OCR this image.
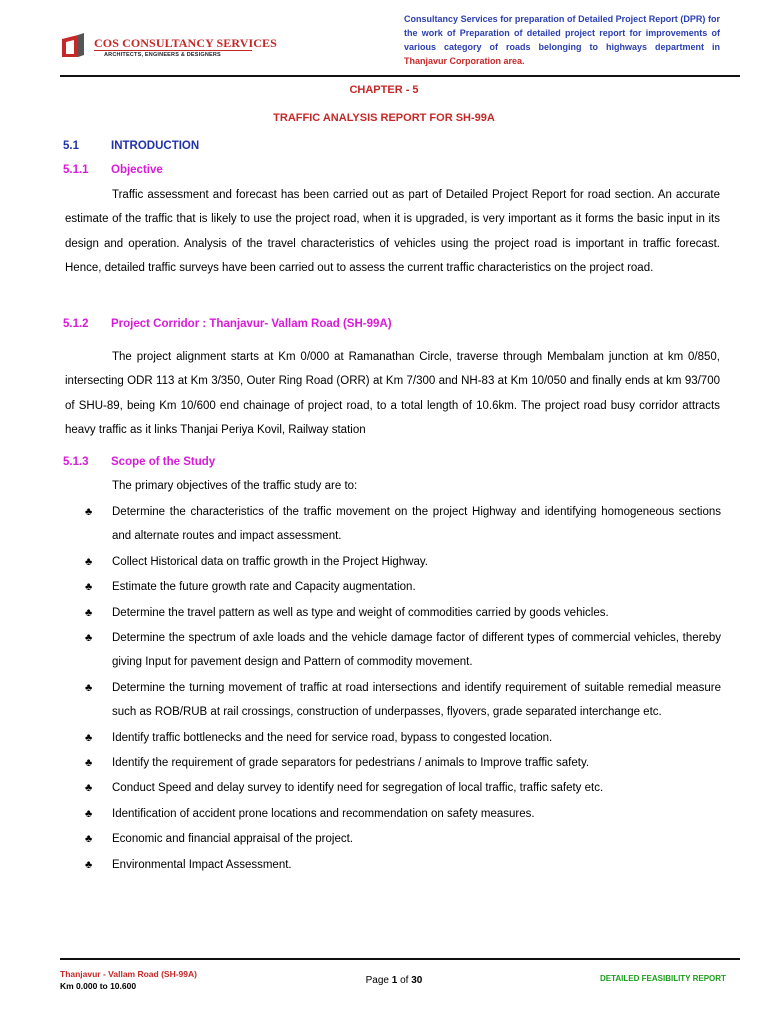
COS CONSULTANCY SERVICES
ARCHITECTS, ENGINEERS & DESIGNERS
Consultancy Services for preparation of Detailed Project Report (DPR) for the work of Preparation of detailed project report for improvements of various category of roads belonging to highways department in Thanjavur Corporation area.
CHAPTER - 5
TRAFFIC ANALYSIS REPORT FOR SH-99A
5.1	INTRODUCTION
5.1.1 Objective

Traffic assessment and forecast has been carried out as part of Detailed Project Report for road section. An accurate estimate of the traffic that is likely to use the project road, when it is upgraded, is very important as it forms the basic input in its design and operation. Analysis of the travel characteristics of vehicles using the project road is important in traffic forecast. Hence, detailed traffic surveys have been carried out to assess the current traffic characteristics on the project road.

5.1.2 Project Corridor : Thanjavur- Vallam Road (SH-99A)

The project alignment starts at Km 0/000 at Ramanathan Circle, traverse through Membalam junction at km 0/850, intersecting ODR 113 at Km 3/350, Outer Ring Road (ORR) at Km 7/300 and NH-83 at Km 10/050 and finally ends at km 93/700 of SHU-89, being Km 10/600 end chainage of project road, to a total length of 10.6km. The project road busy corridor attracts heavy traffic as it links Thanjai Periya Kovil, Railway station

5.1.3 Scope of the Study
The primary objectives of the traffic study are to:
♣ Determine the characteristics of the traffic movement on the project Highway and identifying homogeneous sections and alternate routes and impact assessment.
♣ Collect Historical data on traffic growth in the Project Highway.
♣ Estimate the future growth rate and Capacity augmentation.
♣ Determine the travel pattern as well as type and weight of commodities carried by goods vehicles.
♣ Determine the spectrum of axle loads and the vehicle damage factor of different types of commercial vehicles, thereby giving Input for pavement design and Pattern of commodity movement.
♣ Determine the turning movement of traffic at road intersections and identify requirement of suitable remedial measure such as ROB/RUB at rail crossings, construction of underpasses, flyovers, grade separated interchange etc.
♣ Identify traffic bottlenecks and the need for service road, bypass to congested location.
♣ Identify the requirement of grade separators for pedestrians / animals to Improve traffic safety.
♣ Conduct Speed and delay survey to identify need for segregation of local traffic, traffic safety etc.
♣ Identification of accident prone locations and recommendation on safety measures.
♣ Economic and financial appraisal of the project.
♣ Environmental Impact Assessment.
Thanjavur - Vallam Road (SH-99A)
Km 0.000 to 10.600	Page 1 of 30	DETAILED FEASIBILITY REPORT
